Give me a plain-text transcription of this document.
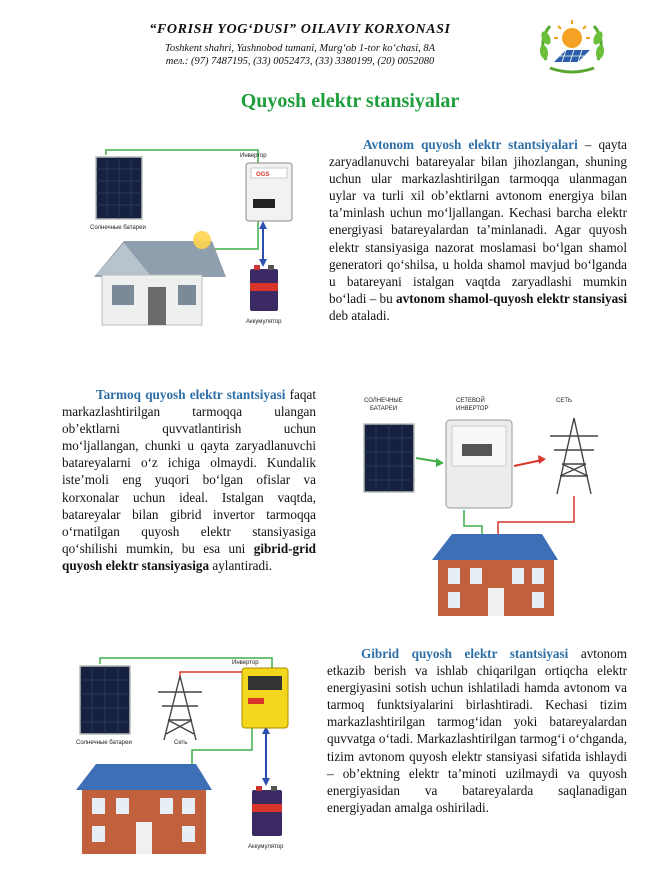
“FORISH YOG‘DUSI” OILAVIY KORXONASI
Toshkent shahri, Yashnobod tumani, Murg‘ob 1-tor ko‘chasi, 8A
тел.: (97) 7487195, (33) 0052473, (33) 3380199, (20) 0052080
Quyosh elektr stansiyalar
Солнечные батареи
OGS
Инвертор
Аккумулятор
СОЛНЕЧНЫЕ
БАТАРЕИ
СЕТЕВОЙ
ИНВЕРТОР
СЕТЬ
Солнечные батареи	Сеть
Инвертор
Аккумулятор
Avtonom quyosh elektr stantsiyalari – qayta zaryadlanuvchi batareyalar bilan jihozlangan, shuning uchun ular markazlashtirilgan tarmoqqa ulanmagan uylar va turli xil obʼektlarni avtonom energiya bilan taʼminlash uchun moʻljallangan. Kechasi barcha elektr energiyasi batareyalardan taʼminlanadi. Agar quyosh elektr stansiyasiga nazorat moslamasi boʻlgan shamol generatori qoʻshilsa, u holda shamol mavjud boʻlganda u batareyani istalgan vaqtda zaryadlashi mumkin boʻladi – bu avtonom shamol-quyosh elektr stansiyasi deb ataladi.
Tarmoq quyosh elektr stantsiyasi faqat markazlashtirilgan tarmoqqa ulangan obʼektlarni quvvatlantirish uchun moʻljallangan, chunki u qayta zaryadlanuvchi batareyalarni oʻz ichiga olmaydi. Kundalik isteʼmoli eng yuqori boʻlgan ofislar va korxonalar uchun ideal. Istalgan vaqtda, batareyalar bilan gibrid invertor tarmoqqa oʻrnatilgan quyosh elektr stansiyasiga qoʻshilishi mumkin, bu esa uni gibrid-grid quyosh elektr stansiyasiga aylantiradi.
Gibrid quyosh elektr stantsiyasi avtonom etkazib berish va ishlab chiqarilgan ortiqcha elektr energiyasini sotish uchun ishlatiladi hamda avtonom va tarmoq funktsiyalarini birlashtiradi. Kechasi tizim markazlashtirilgan tarmogʻidan yoki batareyalardan quvvatga oʻtadi. Markazlashtirilgan tarmogʻi oʻchganda, tizim avtonom quyosh elektr stansiyasi sifatida ishlaydi – obʼektning elektr taʼminoti uzilmaydi va quyosh energiyasidan va batareyalarda saqlanadigan energiyadan amalga oshiriladi.
